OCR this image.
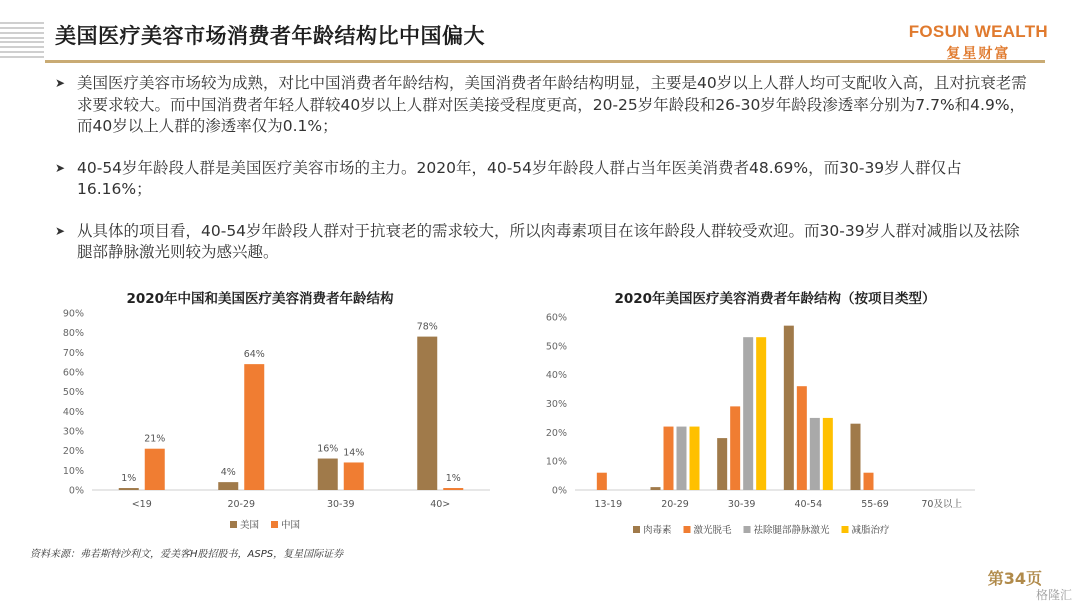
美国医疗美容市场消费者年龄结构比中国偏大	FOSUN WEALTH
复星财富
➤ 美国医疗美容市场较为成熟，对比中国消费者年龄结构，美国消费者年龄结构明显，主要是40岁以上人群人均可支配收入高，且对抗衰老需求要求较大。而中国消费者年轻人群较40岁以上人群对医美接受程度更高，20-25岁年龄段和26-30岁年龄段渗透率分别为7.7%和4.9%，而40岁以上人群的渗透率仅为0.1%；
➤ 40-54岁年龄段人群是美国医疗美容市场的主力。2020年，40-54岁年龄段人群占当年医美消费者48.69%，而30-39岁人群仅占16.16%；
➤ 从具体的项目看，40-54岁年龄段人群对于抗衰老的需求较大，所以肉毒素项目在该年龄段人群较受欢迎。而30-39岁人群对减脂以及祛除腿部静脉激光则较为感兴趣。
2020年中国和美国医疗美容消费者年龄结构
0%
10%
20%
30%
40%
50%
60%
70%
80%
90%
<19
1%
21%
20-29
4%
64%
30-39
16% 14%
40>
78%
1%
美国 中国
2020年美国医疗美容消费者年龄结构（按项目类型）
0%
10%
20%
30%
40%
50%
60%
13-19	20-29	30-39	40-54	55-69	70及以上
肉毒素 激光脱毛 祛除腿部静脉激光 减脂治疗
资料来源：弗若斯特沙利文，爱美客H股招股书，ASPS，复星国际证券
第34页
格隆汇
